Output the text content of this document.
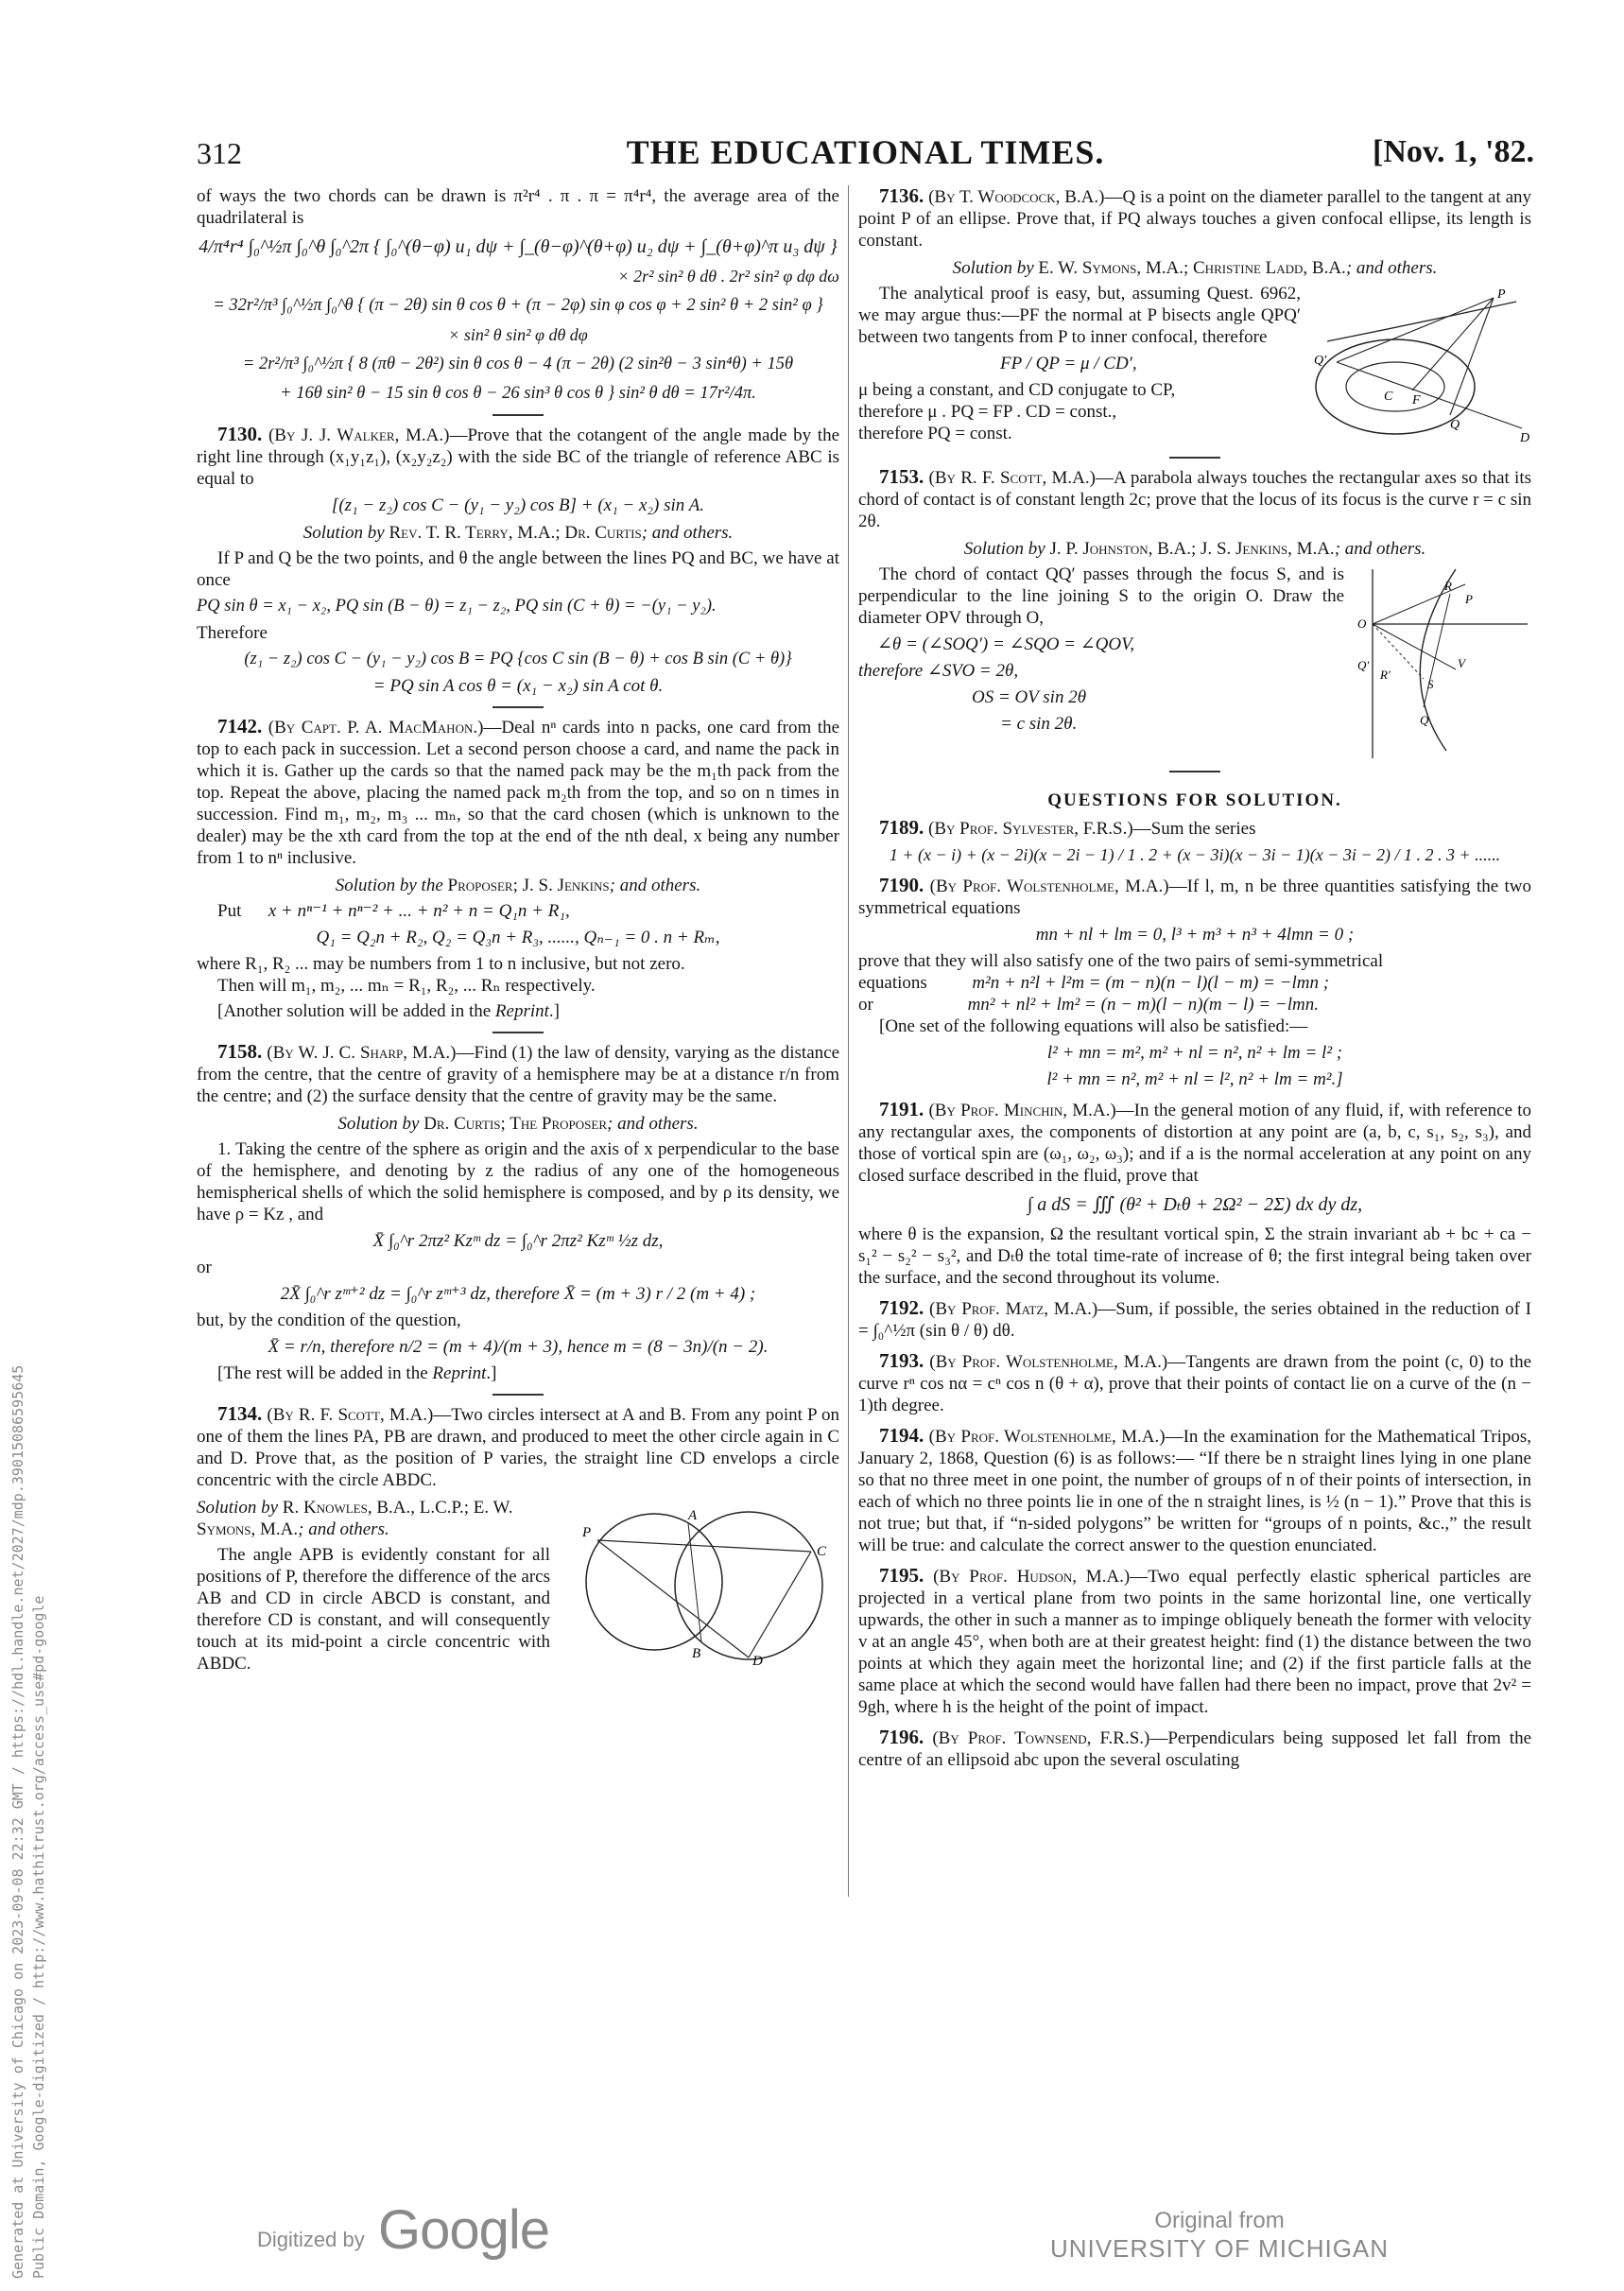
Generated at University of Chicago on 2023-09-08 22:32 GMT / https://hdl.handle.net/2027/mdp.39015086595645 Public Domain, Google-digitized / http://www.hathitrust.org/access_use#pd-google
312	THE EDUCATIONAL TIMES.	[Nov. 1, '82.

of ways the two chords can be drawn is π²r⁴ . π . π = π⁴r⁴, the average area of the quadrilateral is

4/π⁴r⁴ ∫₀^½π ∫₀^θ ∫₀^2π { ∫₀^(θ−φ) u₁ dψ + ∫_(θ−φ)^(θ+φ) u₂ dψ + ∫_(θ+φ)^π u₃ dψ }
× 2r² sin² θ dθ . 2r² sin² φ dφ dω
= 32r²/π³ ∫₀^½π ∫₀^θ { (π − 2θ) sin θ cos θ + (π − 2φ) sin φ cos φ + 2 sin² θ + 2 sin² φ }
× sin² θ sin² φ dθ dφ
= 2r²/π³ ∫₀^½π { 8 (πθ − 2θ²) sin θ cos θ − 4 (π − 2θ) (2 sin²θ − 3 sin⁴θ) + 15θ
+ 16θ sin² θ − 15 sin θ cos θ − 26 sin³ θ cos θ } sin² θ dθ = 17r²/4π.

7130. (By J. J. Walker, M.A.)—Prove that the cotangent of the angle made by the right line through (x₁y₁z₁), (x₂y₂z₂) with the side BC of the triangle of reference ABC is equal to

[(z₁ − z₂) cos C − (y₁ − y₂) cos B] + (x₁ − x₂) sin A.
Solution by Rev. T. R. Terry, M.A.; Dr. Curtis; and others.

If P and Q be the two points, and θ the angle between the lines PQ and BC, we have at once

PQ sin θ = x₁ − x₂, PQ sin (B − θ) = z₁ − z₂, PQ sin (C + θ) = −(y₁ − y₂).

Therefore

(z₁ − z₂) cos C − (y₁ − y₂) cos B = PQ {cos C sin (B − θ) + cos B sin (C + θ)}
= PQ sin A cos θ = (x₁ − x₂) sin A cot θ.

7142. (By Capt. P. A. MacMahon.)—Deal nⁿ cards into n packs, one card from the top to each pack in succession. Let a second person choose a card, and name the pack in which it is. Gather up the cards so that the named pack may be the m₁th pack from the top. Repeat the above, placing the named pack m₂th from the top, and so on n times in succession. Find m₁, m₂, m₃ ... mₙ, so that the card chosen (which is unknown to the dealer) may be the xth card from the top at the end of the nth deal, x being any number from 1 to nⁿ inclusive.

Solution by the Proposer; J. S. Jenkins; and others.

Put x + nⁿ⁻¹ + nⁿ⁻² + ... + n² + n = Q₁n + R₁,

Q₁ = Q₂n + R₂, Q₂ = Q₃n + R₃, ......, Qₙ₋₁ = 0 . n + Rₘ,

where R₁, R₂ ... may be numbers from 1 to n inclusive, but not zero.

Then will m₁, m₂, ... mₙ = R₁, R₂, ... Rₙ respectively.

[Another solution will be added in the Reprint.]

7158. (By W. J. C. Sharp, M.A.)—Find (1) the law of density, varying as the distance from the centre, that the centre of gravity of a hemisphere may be at a distance r/n from the centre; and (2) the surface density that the centre of gravity may be the same.

Solution by Dr. Curtis; The Proposer; and others.

1. Taking the centre of the sphere as origin and the axis of x perpendicular to the base of the hemisphere, and denoting by z the radius of any one of the homogeneous hemispherical shells of which the solid hemisphere is composed, and by ρ its density, we have ρ = Kz , and

X̄ ∫₀^r 2πz² Kzᵐ dz = ∫₀^r 2πz² Kzᵐ ½z dz,

or

2X̄ ∫₀^r zᵐ⁺² dz = ∫₀^r zᵐ⁺³ dz, therefore X̄ = (m + 3) r / 2 (m + 4) ;

but, by the condition of the question,

X̄ = r/n, therefore n/2 = (m + 4)/(m + 3), hence m = (8 − 3n)/(n − 2).

[The rest will be added in the Reprint.]

7134. (By R. F. Scott, M.A.)—Two circles intersect at A and B. From any point P on one of them the lines PA, PB are drawn, and produced to meet the other circle again in C and D. Prove that, as the position of P varies, the straight line CD envelops a circle concentric with the circle ABDC.

P
A
C
B	D
Solution by R. Knowles, B.A., L.C.P.; E. W. Symons, M.A.; and others.

The angle APB is evidently constant for all positions of P, therefore the difference of the arcs AB and CD in circle ABCD is constant, and therefore CD is constant, and will consequently touch at its mid-point a circle concentric with ABDC.

7136. (By T. Woodcock, B.A.)—Q is a point on the diameter parallel to the tangent at any point P of an ellipse. Prove that, if PQ always touches a given confocal ellipse, its length is constant.

Solution by E. W. Symons, M.A.; Christine Ladd, B.A.; and others.
P
Q′
C F
Q
D

The analytical proof is easy, but, assuming Quest. 6962, we may argue thus:—PF the normal at P bisects angle QPQ′ between two tangents from P to inner confocal, therefore

FP / QP = μ / CD′,

μ being a constant, and CD conjugate to CP,

therefore μ . PQ = FP . CD = const.,

therefore PQ = const.

7153. (By R. F. Scott, M.A.)—A parabola always touches the rectangular axes so that its chord of contact is of constant length 2c; prove that the locus of its focus is the curve r = c sin 2θ.

Solution by J. P. Johnston, B.A.; J. S. Jenkins, M.A.; and others.
O
R
P
V
R′
S
Q
Q′

The chord of contact QQ′ passes through the focus S, and is perpendicular to the line joining S to the origin O. Draw the diameter OPV through O,

∠θ = (∠SOQ′) = ∠SQO = ∠QOV,

therefore ∠SVO = 2θ,

OS = OV sin 2θ
= c sin 2θ.
QUESTIONS FOR SOLUTION.

7189. (By Prof. Sylvester, F.R.S.)—Sum the series

1 + (x − i) + (x − 2i)(x − 2i − 1) / 1 . 2 + (x − 3i)(x − 3i − 1)(x − 3i − 2) / 1 . 2 . 3 + ......

7190. (By Prof. Wolstenholme, M.A.)—If l, m, n be three quantities satisfying the two symmetrical equations

mn + nl + lm = 0, l³ + m³ + n³ + 4lmn = 0 ;

prove that they will also satisfy one of the two pairs of semi-symmetrical

equations	m²n + n²l + l²m = (m − n)(n − l)(l − m) = −lmn ;

or	mn² + nl² + lm² = (n − m)(l − n)(m − l) = −lmn.

[One set of the following equations will also be satisfied:—

l² + mn = m², m² + nl = n², n² + lm = l² ;
l² + mn = n², m² + nl = l², n² + lm = m².]

7191. (By Prof. Minchin, M.A.)—In the general motion of any fluid, if, with reference to any rectangular axes, the components of distortion at any point are (a, b, c, s₁, s₂, s₃), and those of vortical spin are (ω₁, ω₂, ω₃); and if a is the normal acceleration at any point on any closed surface described in the fluid, prove that

∫ a dS = ∭ (θ² + Dₜθ + 2Ω² − 2Σ) dx dy dz,

where θ is the expansion, Ω the resultant vortical spin, Σ the strain invariant ab + bc + ca − s₁² − s₂² − s₃², and Dₜθ the total time-rate of increase of θ; the first integral being taken over the surface, and the second throughout its volume.

7192. (By Prof. Matz, M.A.)—Sum, if possible, the series obtained in the reduction of I = ∫₀^½π (sin θ / θ) dθ.

7193. (By Prof. Wolstenholme, M.A.)—Tangents are drawn from the point (c, 0) to the curve rⁿ cos nα = cⁿ cos n (θ + α), prove that their points of contact lie on a curve of the (n − 1)th degree.

7194. (By Prof. Wolstenholme, M.A.)—In the examination for the Mathematical Tripos, January 2, 1868, Question (6) is as follows:— “If there be n straight lines lying in one plane so that no three meet in one point, the number of groups of n of their points of intersection, in each of which no three points lie in one of the n straight lines, is ½ (n − 1).” Prove that this is not true; but that, if “n-sided polygons” be written for “groups of n points, &c.,” the result will be true: and calculate the correct answer to the question enunciated.

7195. (By Prof. Hudson, M.A.)—Two equal perfectly elastic spherical particles are projected in a vertical plane from two points in the same horizontal line, one vertically upwards, the other in such a manner as to impinge obliquely beneath the former with velocity v at an angle 45°, when both are at their greatest height: find (1) the distance between the two points at which they again meet the horizontal line; and (2) if the first particle falls at the same place at which the second would have fallen had there been no impact, prove that 2v² = 9gh, where h is the height of the point of impact.

7196. (By Prof. Townsend, F.R.S.)—Perpendiculars being supposed let fall from the centre of an ellipsoid abc upon the several osculating

Digitized by Google	Original from
UNIVERSITY OF MICHIGAN
